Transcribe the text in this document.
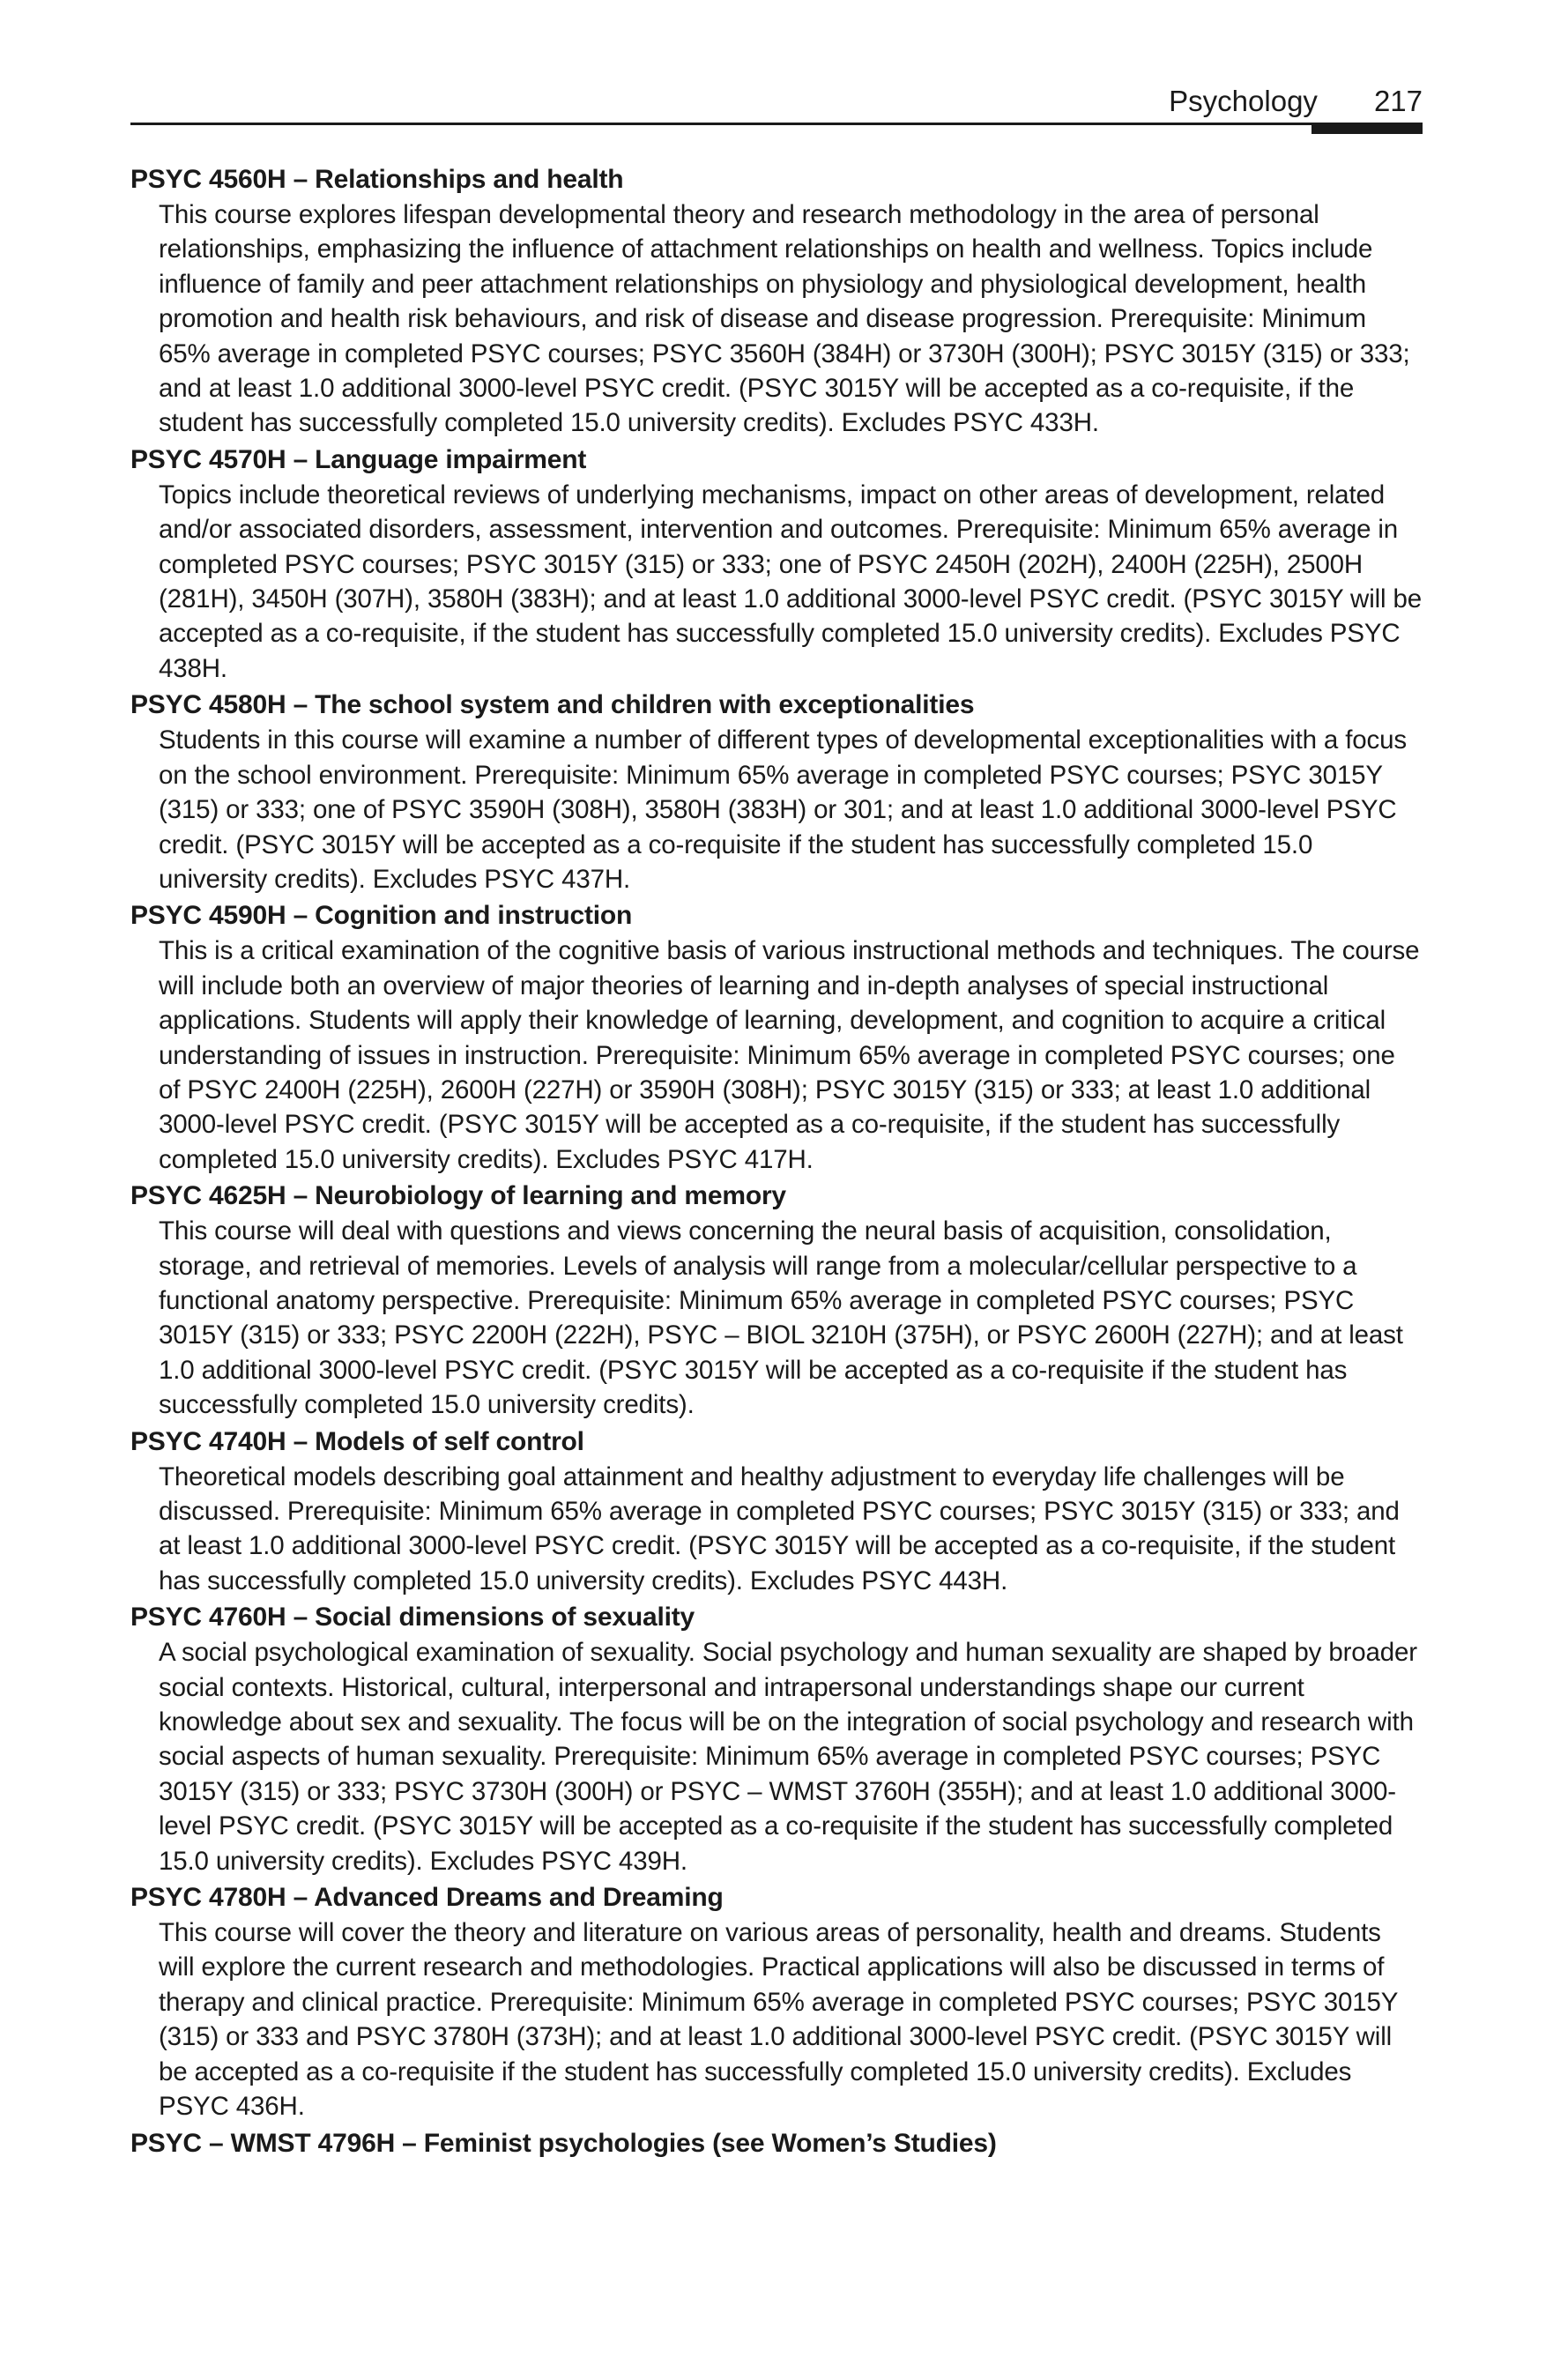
Psychology 217
PSYC 4560H – Relationships and health

This course explores lifespan developmental theory and research methodology in the area of personal relationships, emphasizing the influence of attachment relationships on health and wellness. Topics include influence of family and peer attachment relationships on physiology and physiological development, health promotion and health risk behaviours, and risk of disease and disease progression. Prerequisite: Minimum 65% average in completed PSYC courses; PSYC 3560H (384H) or 3730H (300H); PSYC 3015Y (315) or 333; and at least 1.0 additional 3000-level PSYC credit. (PSYC 3015Y will be accepted as a co-requisite, if the student has successfully completed 15.0 university credits). Excludes PSYC 433H.

PSYC 4570H – Language impairment

Topics include theoretical reviews of underlying mechanisms, impact on other areas of development, related and/or associated disorders, assessment, intervention and outcomes. Prerequisite: Minimum 65% average in completed PSYC courses; PSYC 3015Y (315) or 333; one of PSYC 2450H (202H), 2400H (225H), 2500H (281H), 3450H (307H), 3580H (383H); and at least 1.0 additional 3000-level PSYC credit. (PSYC 3015Y will be accepted as a co-requisite, if the student has successfully completed 15.0 university credits). Excludes PSYC 438H.

PSYC 4580H – The school system and children with exceptionalities

Students in this course will examine a number of different types of developmental exceptionalities with a focus on the school environment. Prerequisite: Minimum 65% average in completed PSYC courses; PSYC 3015Y (315) or 333; one of PSYC 3590H (308H), 3580H (383H) or 301; and at least 1.0 additional 3000-level PSYC credit. (PSYC 3015Y will be accepted as a co-requisite if the student has successfully completed 15.0 university credits). Excludes PSYC 437H.

PSYC 4590H – Cognition and instruction

This is a critical examination of the cognitive basis of various instructional methods and techniques. The course will include both an overview of major theories of learning and in-depth analyses of special instructional applications. Students will apply their knowledge of learning, development, and cognition to acquire a critical understanding of issues in instruction. Prerequisite: Minimum 65% average in completed PSYC courses; one of PSYC 2400H (225H), 2600H (227H) or 3590H (308H); PSYC 3015Y (315) or 333; at least 1.0 additional 3000-level PSYC credit. (PSYC 3015Y will be accepted as a co-requisite, if the student has successfully completed 15.0 university credits). Excludes PSYC 417H.

PSYC 4625H – Neurobiology of learning and memory

This course will deal with questions and views concerning the neural basis of acquisition, consolidation, storage, and retrieval of memories. Levels of analysis will range from a molecular/cellular perspective to a functional anatomy perspective. Prerequisite: Minimum 65% average in completed PSYC courses; PSYC 3015Y (315) or 333; PSYC 2200H (222H), PSYC – BIOL 3210H (375H), or PSYC 2600H (227H); and at least 1.0 additional 3000-level PSYC credit. (PSYC 3015Y will be accepted as a co-requisite if the student has successfully completed 15.0 university credits).

PSYC 4740H – Models of self control

Theoretical models describing goal attainment and healthy adjustment to everyday life challenges will be discussed. Prerequisite: Minimum 65% average in completed PSYC courses; PSYC 3015Y (315) or 333; and at least 1.0 additional 3000-level PSYC credit. (PSYC 3015Y will be accepted as a co-requisite, if the student has successfully completed 15.0 university credits). Excludes PSYC 443H.

PSYC 4760H – Social dimensions of sexuality

A social psychological examination of sexuality. Social psychology and human sexuality are shaped by broader social contexts. Historical, cultural, interpersonal and intrapersonal understandings shape our current knowledge about sex and sexuality. The focus will be on the integration of social psychology and research with social aspects of human sexuality. Prerequisite: Minimum 65% average in completed PSYC courses; PSYC 3015Y (315) or 333; PSYC 3730H (300H) or PSYC – WMST 3760H (355H); and at least 1.0 additional 3000-level PSYC credit. (PSYC 3015Y will be accepted as a co-requisite if the student has successfully completed 15.0 university credits). Excludes PSYC 439H.

PSYC 4780H – Advanced Dreams and Dreaming

This course will cover the theory and literature on various areas of personality, health and dreams. Students will explore the current research and methodologies. Practical applications will also be discussed in terms of therapy and clinical practice. Prerequisite: Minimum 65% average in completed PSYC courses; PSYC 3015Y (315) or 333 and PSYC 3780H (373H); and at least 1.0 additional 3000-level PSYC credit. (PSYC 3015Y will be accepted as a co-requisite if the student has successfully completed 15.0 university credits). Excludes PSYC 436H.

PSYC – WMST 4796H – Feminist psychologies (see Women’s Studies)
